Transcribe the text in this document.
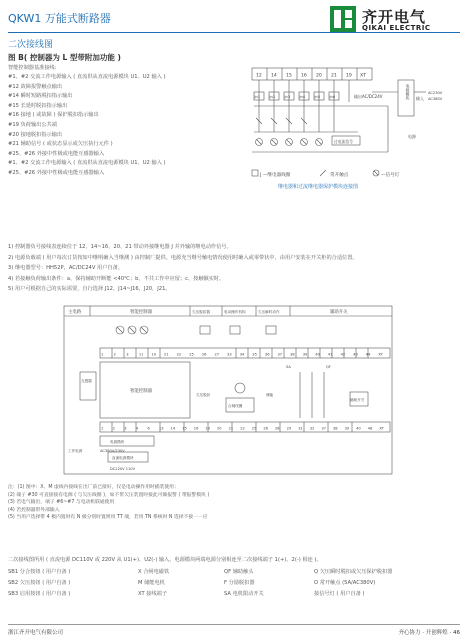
QKW1 万能式断路器	齐开电气
QIKAI ELECTRIC
二次接线图
图 B( 控制器为 L 型带附加功能 )
智能控制器基准接线:
#1、#2 交流工作电源输入 ( 直流供从直流电源模块 U1、U2 输入 )
#12 故障报警触点输出
#14 瞬时短路脱扣指示输出
#15 长延时脱扣指示输出
#16 接地 ( 或故障 ) 保护脱扣指示输出
#19 负荷输出公共端
#20 接地脱扣指示输出
#21 辅助信号 ( 或状态显示或欠压执行元件 )
#25、#26 外接中性极或电能互感器输入
#1、#2 交流工作电源输入 ( 直流供从直流电源模块 U1、U2 输入 )
#25、#26 外接中性极或电能互感器输入
12 14 15 16 20 21 19 XT
Jn1	Jn2	Jn3	Jn4	Jn5	Jn6	输出AC/DC24V	电源模块 输入
AC230V
AC380V
过电流信号
电源
J —继电器线圈	常开触点	—信号灯
继电器和过流继电器保护模块连接图
1) 控制器负号接线表连续位于 12、14~16、20、21 带动外接继电器 J 并外输的继电动作信号。
2) 电源负载端 ( 用户每次订货按如中继明确入当继测 ) 由控制厂提供。电源充当继号触电情况使用时确入或零带状中，由用户安装在开关柜的合适位置。
3) 继电器型号：HH52P，AC/DC24V 用户自备。
4) 若接触负荷输出条件：a、保持辅助开断能 <40℃；b、不共工作中应留；c、按触额实时。
5) 用户可根据自己的实际需要，自行选择 J12，J14~J16，J20，J21。
主电路	智能控制器	欠压脱扣器	电动操作机构	欠压瞬时动作	辅助开关
智能控制器
互感器
电源模块
欠压脱扣
合闸线圈
储能
辅助开关
SA	QF
工作电源	AC380V/230V
直流电源模块
DC220V 110V
1	2	3	11 10 21 22 25 26 27 33 34 35 36 37 38 39 40 41 42 43 44 XT
1	2	3	4	6	13 14 15 16 19 20 21 22 25 26 28 29 31 32 37 38 39 40 48 XT
注：(1) 图中：X、M 虚线内接线在出厂前已接好，仅是电动操作用时插装使用；
(2) 端子 #30 可直接接有电源 ( 与欠压线圈 )，如不带欠压装置时接此可做报警 ( 带报警模块 )
(3) 若电气输出，端子 #6~#7 与电动机联通使用
(4) 若控制器带外部输入
(5) 当用户选择带 4 极内置时有 N 极分别时置则用 TT 端，若用 TN 系统时 N 选择不接一一应
二次接线图所用 ( 直流电源 DC110V 或 220V 从 U1(+)、U2(-) 输入，电源模块两端电源分别相连至二次接线端子 1(+)、2(-) 相连 )。
SB1 分合按钮 ( 用户自备 )	X 合闸电磁铁	QF 辅助触头	Q 欠压瞬时脱扣或欠压保护脱扣器
SB2 欠压按钮 ( 用户自备 )	M 储能电机	F 分励脱扣器	O 常开触点 (5A/AC380V)
SB3 启用按钮 ( 用户自备 )	XT 接线端子	SA 电机限动开关	接信号灯 ( 用户自备 )
浙江齐开电气有限公司	齐心协力 · 开创辉煌 · 46
